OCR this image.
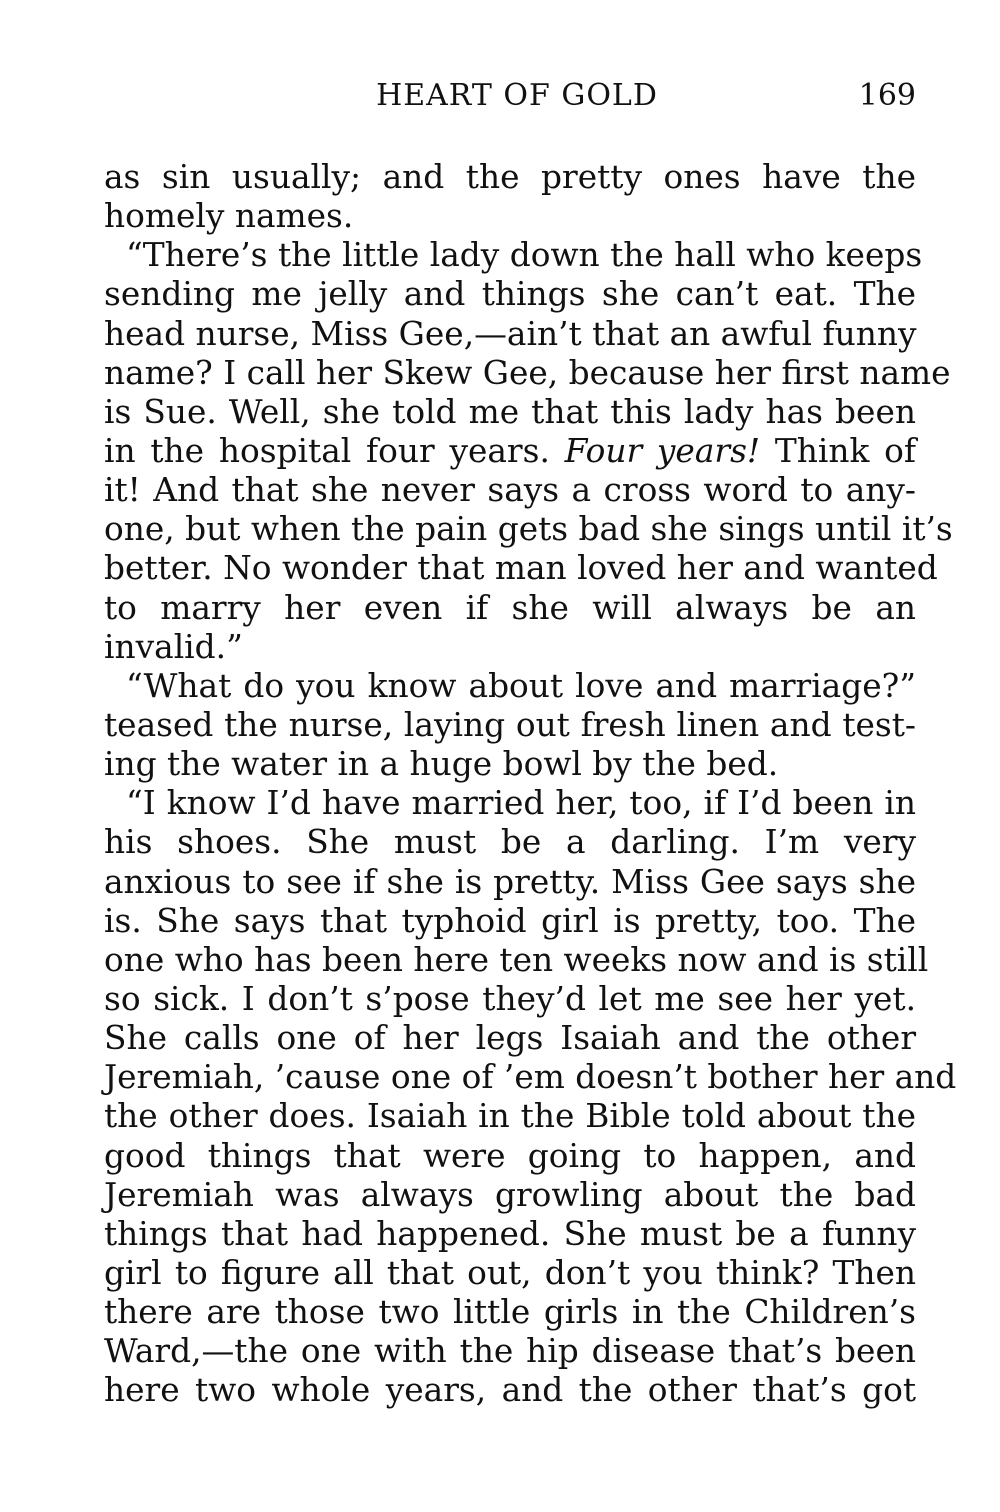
HEART OF GOLD	169
as sin usually; and the pretty ones have the
homely names.
“There’s the little lady down the hall who keeps
sending me jelly and things she can’t eat. The
head nurse, Miss Gee,—ain’t that an awful funny
name? I call her Skew Gee, because her first name
is Sue. Well, she told me that this lady has been
in the hospital four years. Four years! Think of
it! And that she never says a cross word to any-
one, but when the pain gets bad she sings until it’s
better. No wonder that man loved her and wanted
to marry her even if she will always be an
invalid.”
“What do you know about love and marriage?”
teased the nurse, laying out fresh linen and test-
ing the water in a huge bowl by the bed.
“I know I’d have married her, too, if I’d been in
his shoes. She must be a darling. I’m very
anxious to see if she is pretty. Miss Gee says she
is. She says that typhoid girl is pretty, too. The
one who has been here ten weeks now and is still
so sick. I don’t s’pose they’d let me see her yet.
She calls one of her legs Isaiah and the other
Jeremiah, ’cause one of ’em doesn’t bother her and
the other does. Isaiah in the Bible told about the
good things that were going to happen, and
Jeremiah was always growling about the bad
things that had happened. She must be a funny
girl to figure all that out, don’t you think? Then
there are those two little girls in the Children’s
Ward,—the one with the hip disease that’s been
here two whole years, and the other that’s got
